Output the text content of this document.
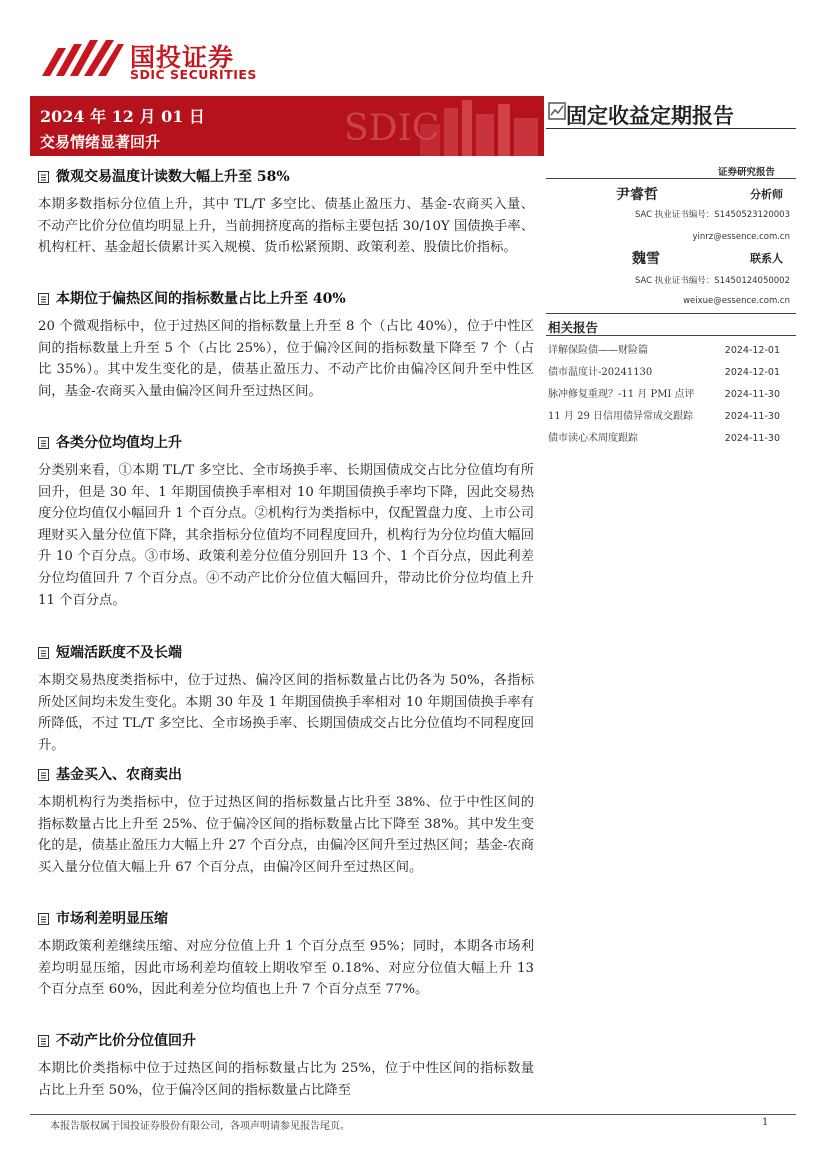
国投证券
SDIC SECURITIES
2024 年 12 月 01 日
交易情绪显著回升	SDIC	固定收益定期报告
证券研究报告
尹睿哲	分析师
SAC 执业证书编号：S1450523120003
yinrz@essence.com.cn
魏雪	联系人
SAC 执业证书编号：S1450124050002
weixue@essence.com.cn
相关报告
详解保险债——财险篇	2024-12-01
债市温度计-20241130	2024-12-01
脉冲修复重现？-11 月 PMI 点评	2024-11-30
11 月 29 日信用债异常成交跟踪	2024-11-30
债市读心术周度跟踪	2024-11-30
微观交易温度计读数大幅上升至 58%

本期多数指标分位值上升，其中 TL/T 多空比、债基止盈压力、基金-农商买入量、不动产比价分位值均明显上升，当前拥挤度高的指标主要包括 30/10Y 国债换手率、机构杠杆、基金超长债累计买入规模、货币松紧预期、政策利差、股债比价指标。

本期位于偏热区间的指标数量占比上升至 40%

20 个微观指标中，位于过热区间的指标数量上升至 8 个（占比 40%），位于中性区间的指标数量上升至 5 个（占比 25%），位于偏冷区间的指标数量下降至 7 个（占比 35%）。其中发生变化的是，债基止盈压力、不动产比价由偏冷区间升至中性区间，基金-农商买入量由偏冷区间升至过热区间。

各类分位均值均上升

分类别来看，①本期 TL/T 多空比、全市场换手率、长期国债成交占比分位值均有所回升，但是 30 年、1 年期国债换手率相对 10 年期国债换手率均下降，因此交易热度分位均值仅小幅回升 1 个百分点。②机构行为类指标中，仅配置盘力度、上市公司理财买入量分位值下降，其余指标分位值均不同程度回升，机构行为分位均值大幅回升 10 个百分点。③市场、政策利差分位值分别回升 13 个、1 个百分点，因此利差分位均值回升 7 个百分点。④不动产比价分位值大幅回升，带动比价分位均值上升 11 个百分点。

短端活跃度不及长端

本期交易热度类指标中，位于过热、偏冷区间的指标数量占比仍各为 50%，各指标所处区间均未发生变化。本期 30 年及 1 年期国债换手率相对 10 年期国债换手率有所降低，不过 TL/T 多空比、全市场换手率、长期国债成交占比分位值均不同程度回升。

基金买入、农商卖出

本期机构行为类指标中，位于过热区间的指标数量占比升至 38%、位于中性区间的指标数量占比上升至 25%、位于偏冷区间的指标数量占比下降至 38%。其中发生变化的是，债基止盈压力大幅上升 27 个百分点，由偏冷区间升至过热区间；基金-农商买入量分位值大幅上升 67 个百分点，由偏冷区间升至过热区间。

市场利差明显压缩

本期政策利差继续压缩、对应分位值上升 1 个百分点至 95%；同时，本期各市场利差均明显压缩，因此市场利差均值较上期收窄至 0.18%、对应分位值大幅上升 13 个百分点至 60%，因此利差分位均值也上升 7 个百分点至 77%。

不动产比价分位值回升

本期比价类指标中位于过热区间的指标数量占比为 25%，位于中性区间的指标数量占比上升至 50%，位于偏冷区间的指标数量占比降至

本报告版权属于国投证券股份有限公司，各项声明请参见报告尾页。	1
